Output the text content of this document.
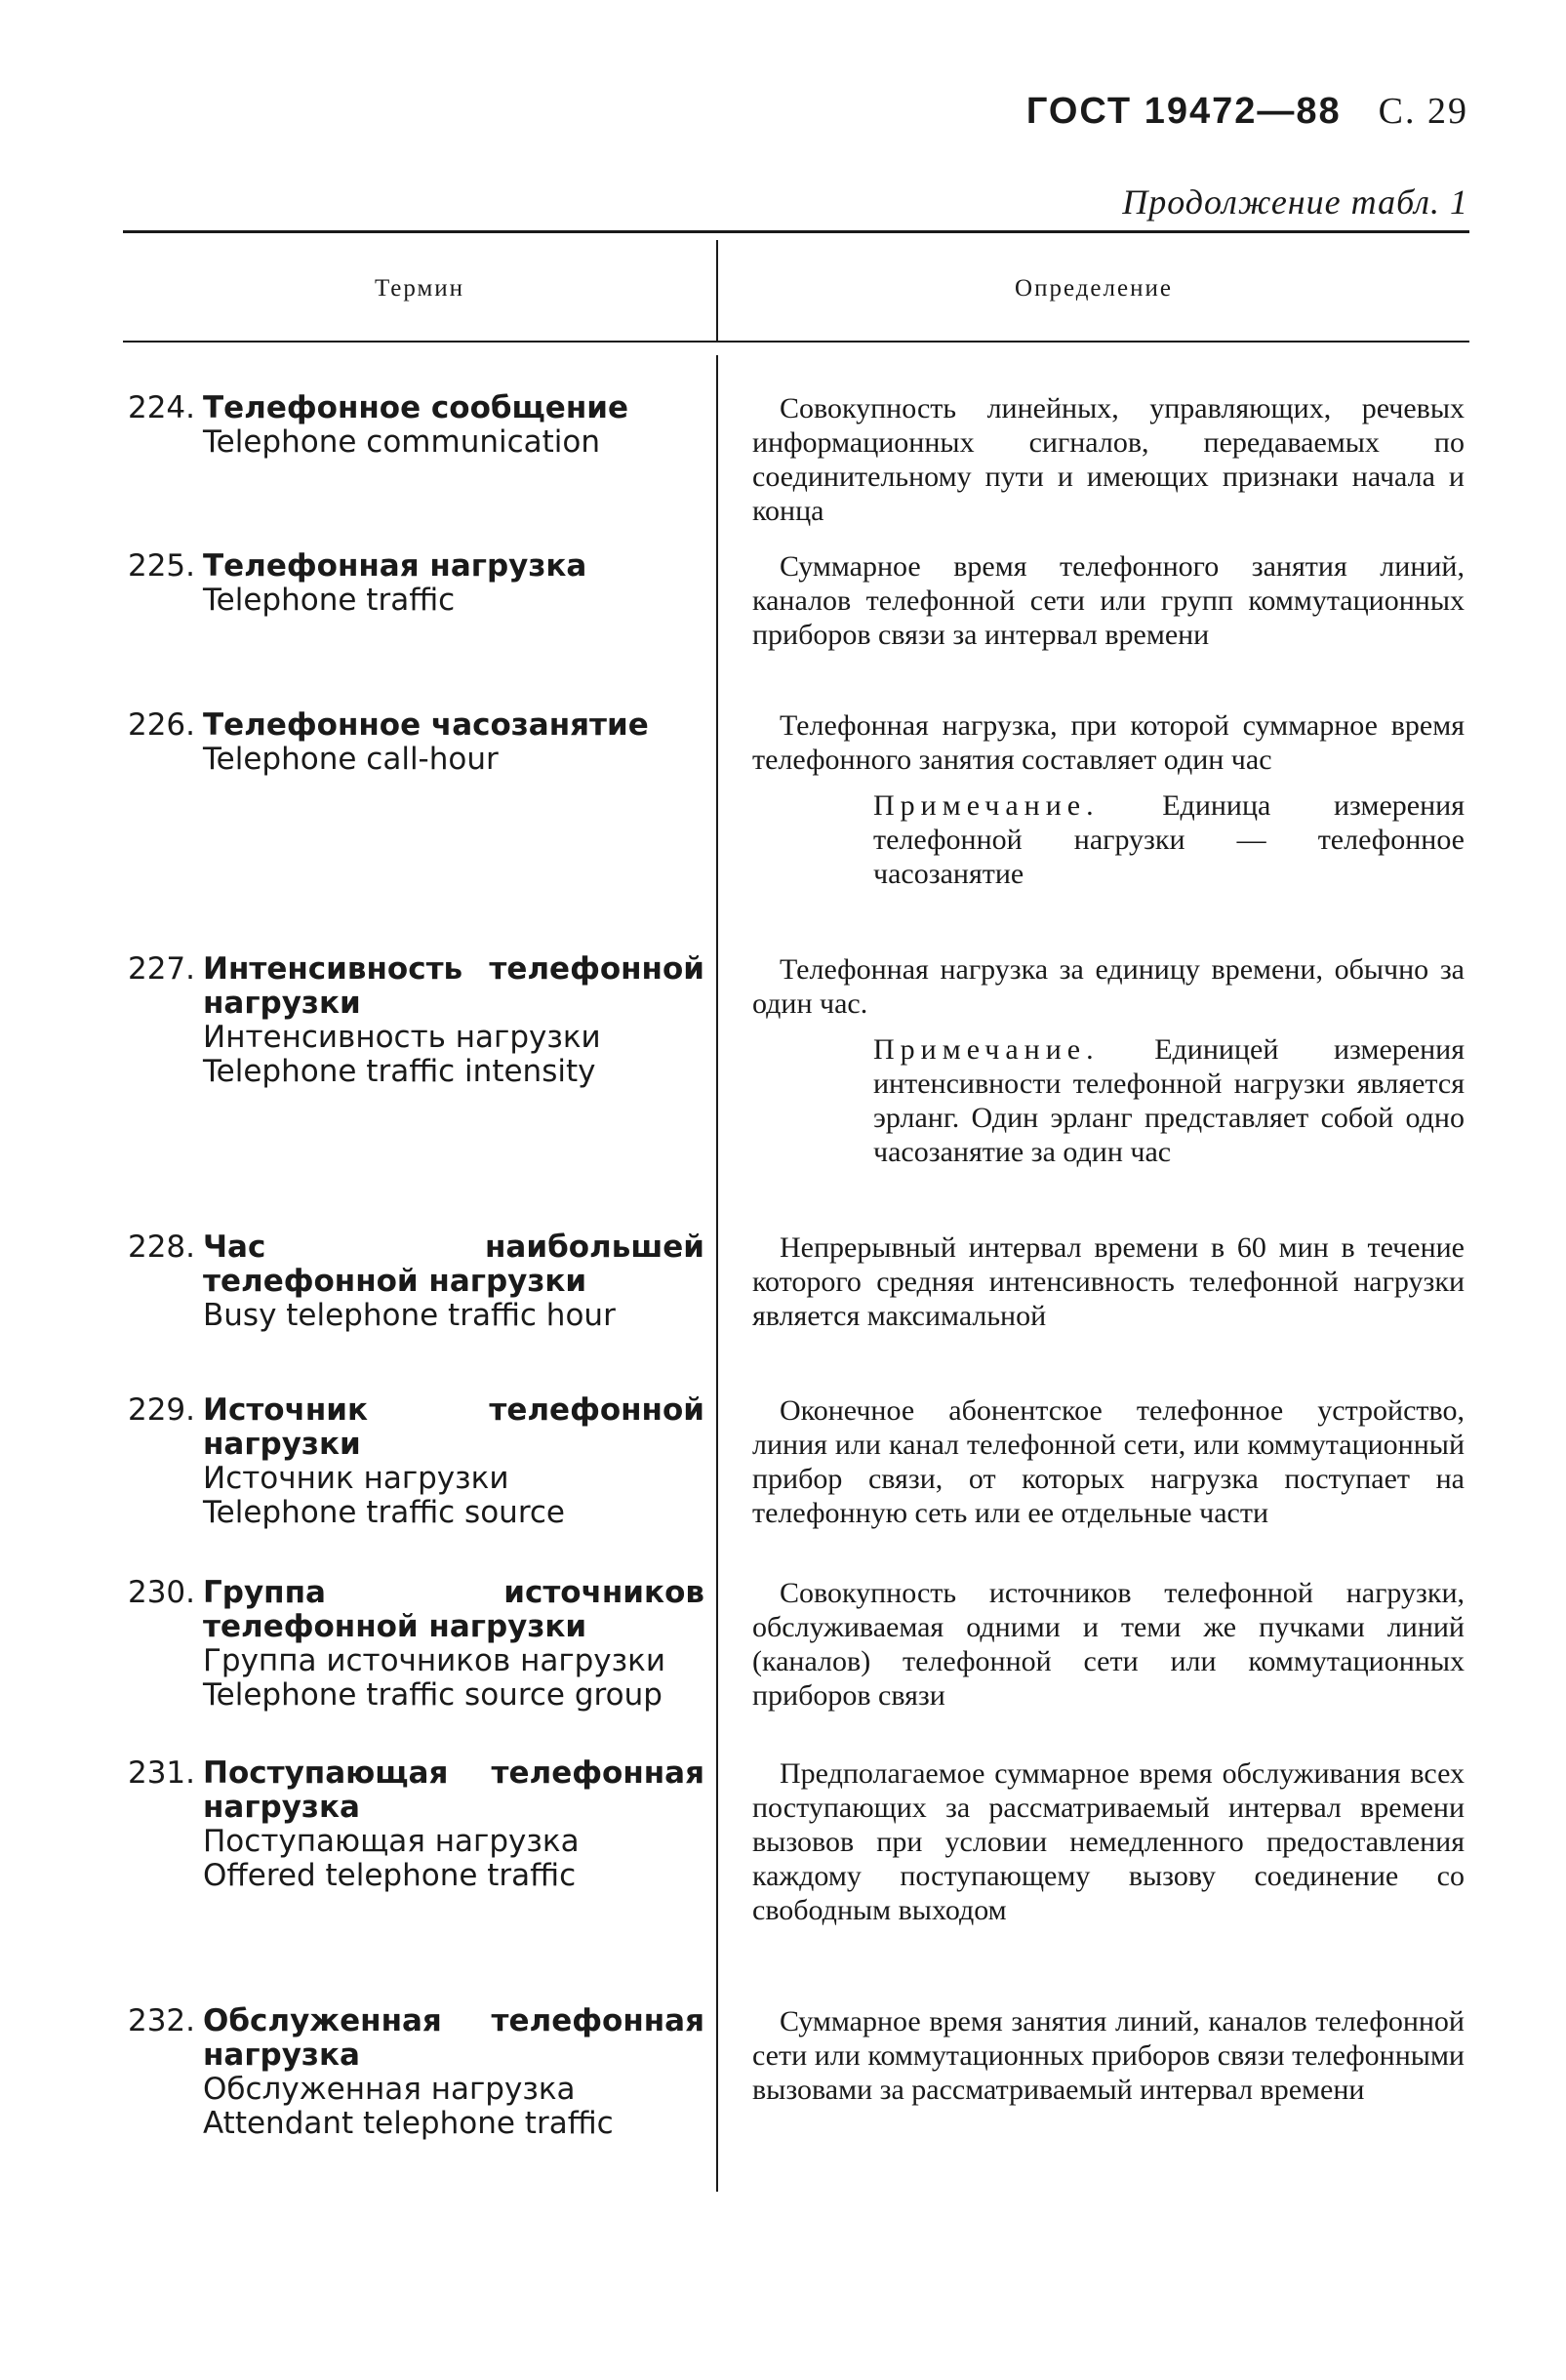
ГОСТ 19472—88 С. 29
Продолжение табл. 1
Термин	Определение
224. Телефонное сообщение
Telephone communication
Совокупность линейных, управляющих, речевых информационных сигналов, передаваемых по соединительному пути и имеющих признаки начала и конца
225. Телефонная нагрузка
Telephone traffic
Суммарное время телефонного занятия линий, каналов телефонной сети или групп коммутационных приборов связи за интервал времени
226. Телефонное часозанятие
Telephone call-hour
Телефонная нагрузка, при которой суммарное время телефонного занятия составляет один час
Примечание. Единица измерения телефонной нагрузки — телефонное часозанятие
227. Интенсивность телефонной нагрузки
Интенсивность нагрузки
Telephone traffic intensity
Телефонная нагрузка за единицу времени, обычно за один час.
Примечание. Единицей измерения интенсивности телефонной нагрузки является эрланг. Один эрланг представляет собой одно часозанятие за один час
228. Час наибольшей телефонной нагрузки
Busy telephone traffic hour
Непрерывный интервал времени в 60 мин в течение которого средняя интенсивность телефонной нагрузки является максимальной
229. Источник телефонной нагрузки
Источник нагрузки
Telephone traffic source
Оконечное абонентское телефонное устройство, линия или канал телефонной сети, или коммутационный прибор связи, от которых нагрузка поступает на телефонную сеть или ее отдельные части
230. Группа источников телефонной нагрузки
Группа источников нагрузки
Telephone traffic source group
Совокупность источников телефонной нагрузки, обслуживаемая одними и теми же пучками линий (каналов) телефонной сети или коммутационных приборов связи
231. Поступающая телефонная нагрузка
Поступающая нагрузка
Offered telephone traffic
Предполагаемое суммарное время обслуживания всех поступающих за рассматриваемый интервал времени вызовов при условии немедленного предоставления каждому поступающему вызову соединение со свободным выходом
232. Обслуженная телефонная нагрузка
Обслуженная нагрузка
Attendant telephone traffic
Суммарное время занятия линий, каналов телефонной сети или коммутационных приборов связи телефонными вызовами за рассматриваемый интервал времени
